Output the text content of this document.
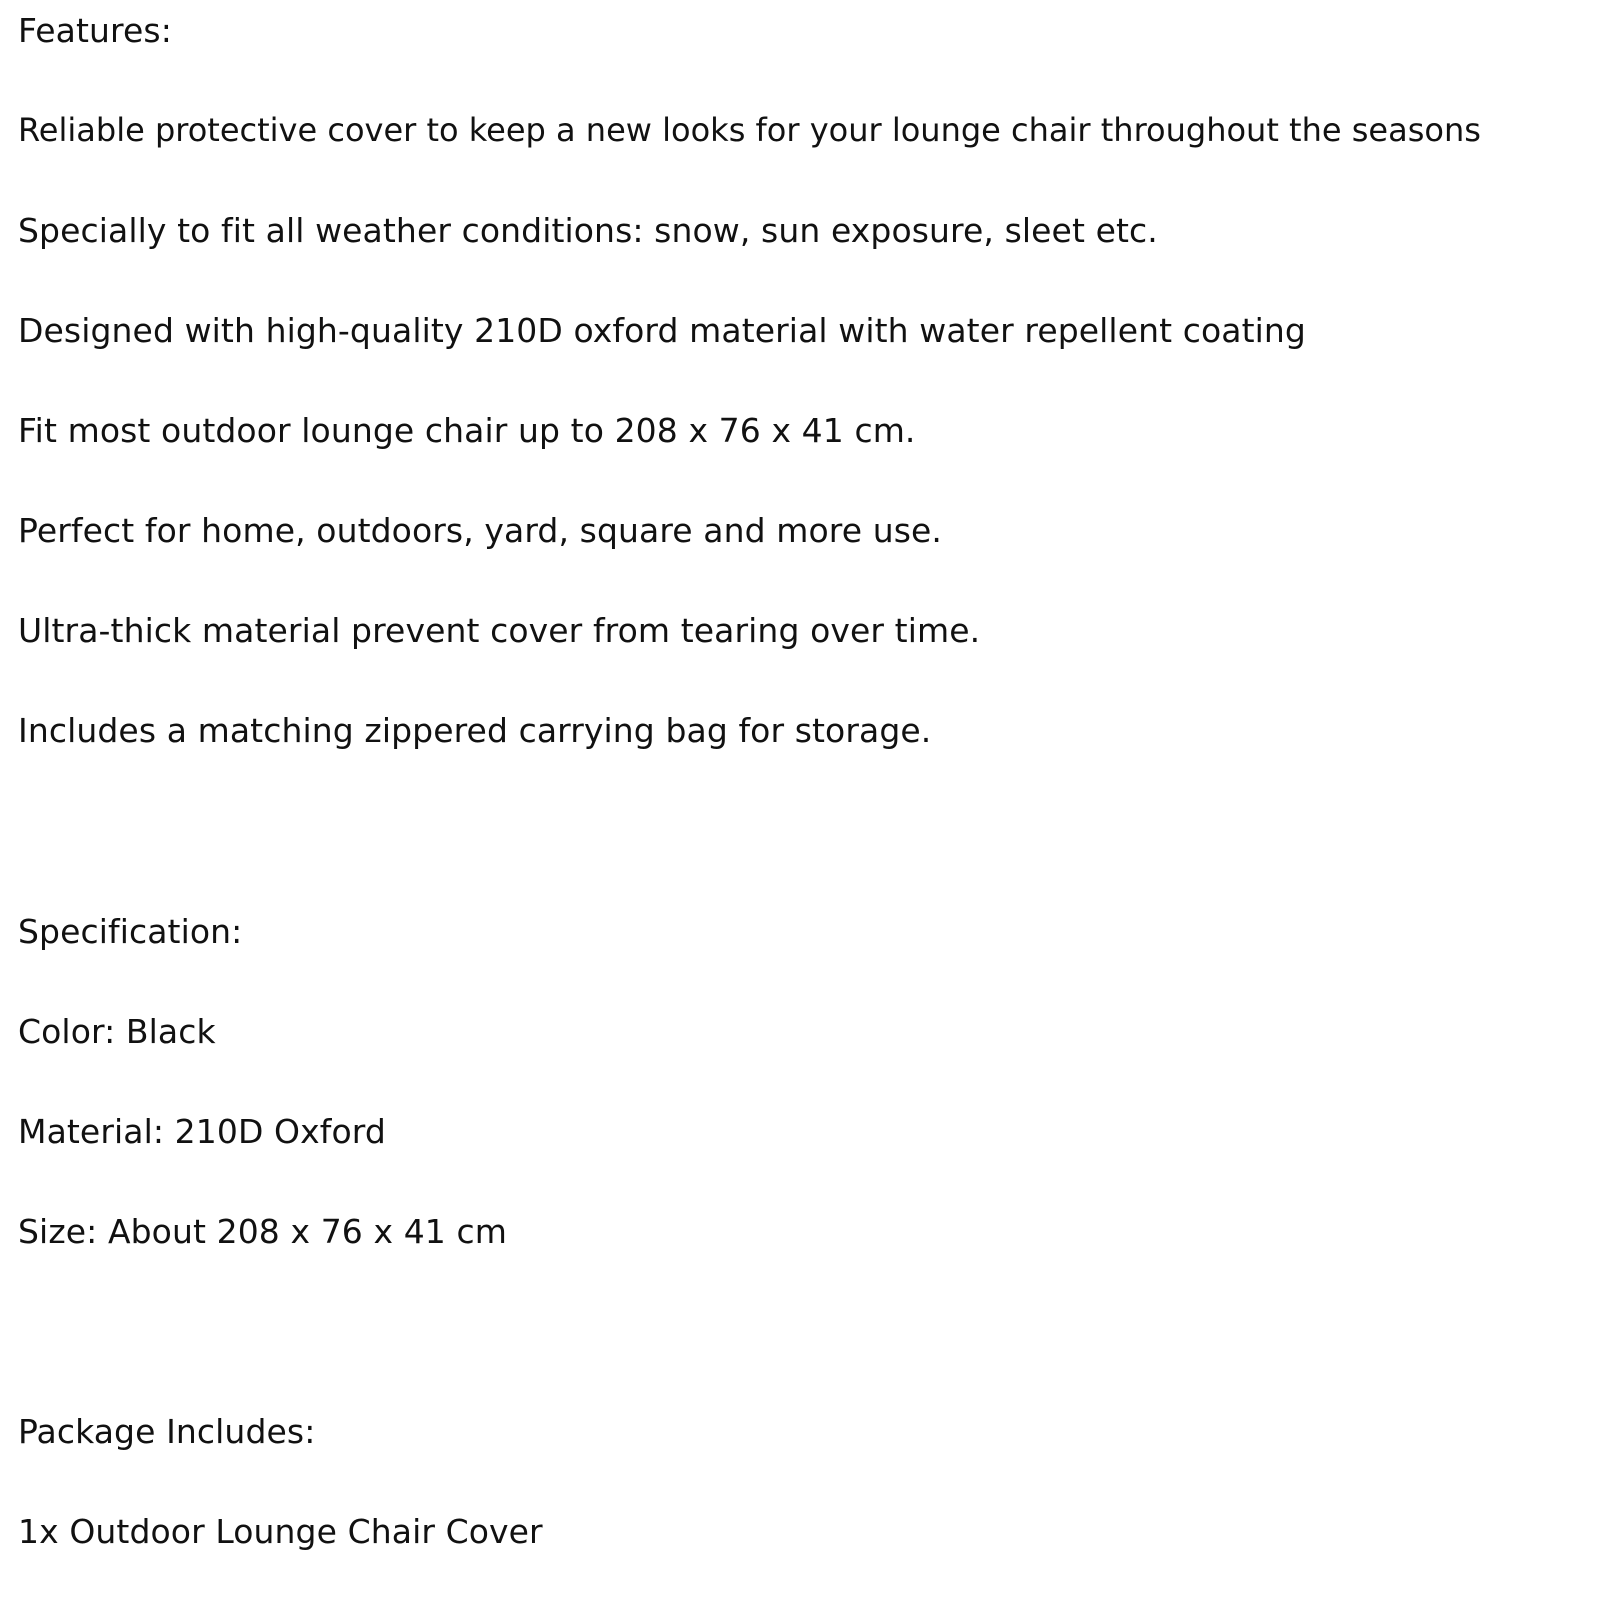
Features:

Reliable protective cover to keep a new looks for your lounge chair throughout the seasons

Specially to fit all weather conditions: snow, sun exposure, sleet etc.

Designed with high-quality 210D oxford material with water repellent coating

Fit most outdoor lounge chair up to 208 x 76 x 41 cm.

Perfect for home, outdoors, yard, square and more use.

Ultra-thick material prevent cover from tearing over time.

Includes a matching zippered carrying bag for storage.

Specification:

Color: Black

Material: 210D Oxford

Size: About 208 x 76 x 41 cm

Package Includes:

1x Outdoor Lounge Chair Cover
